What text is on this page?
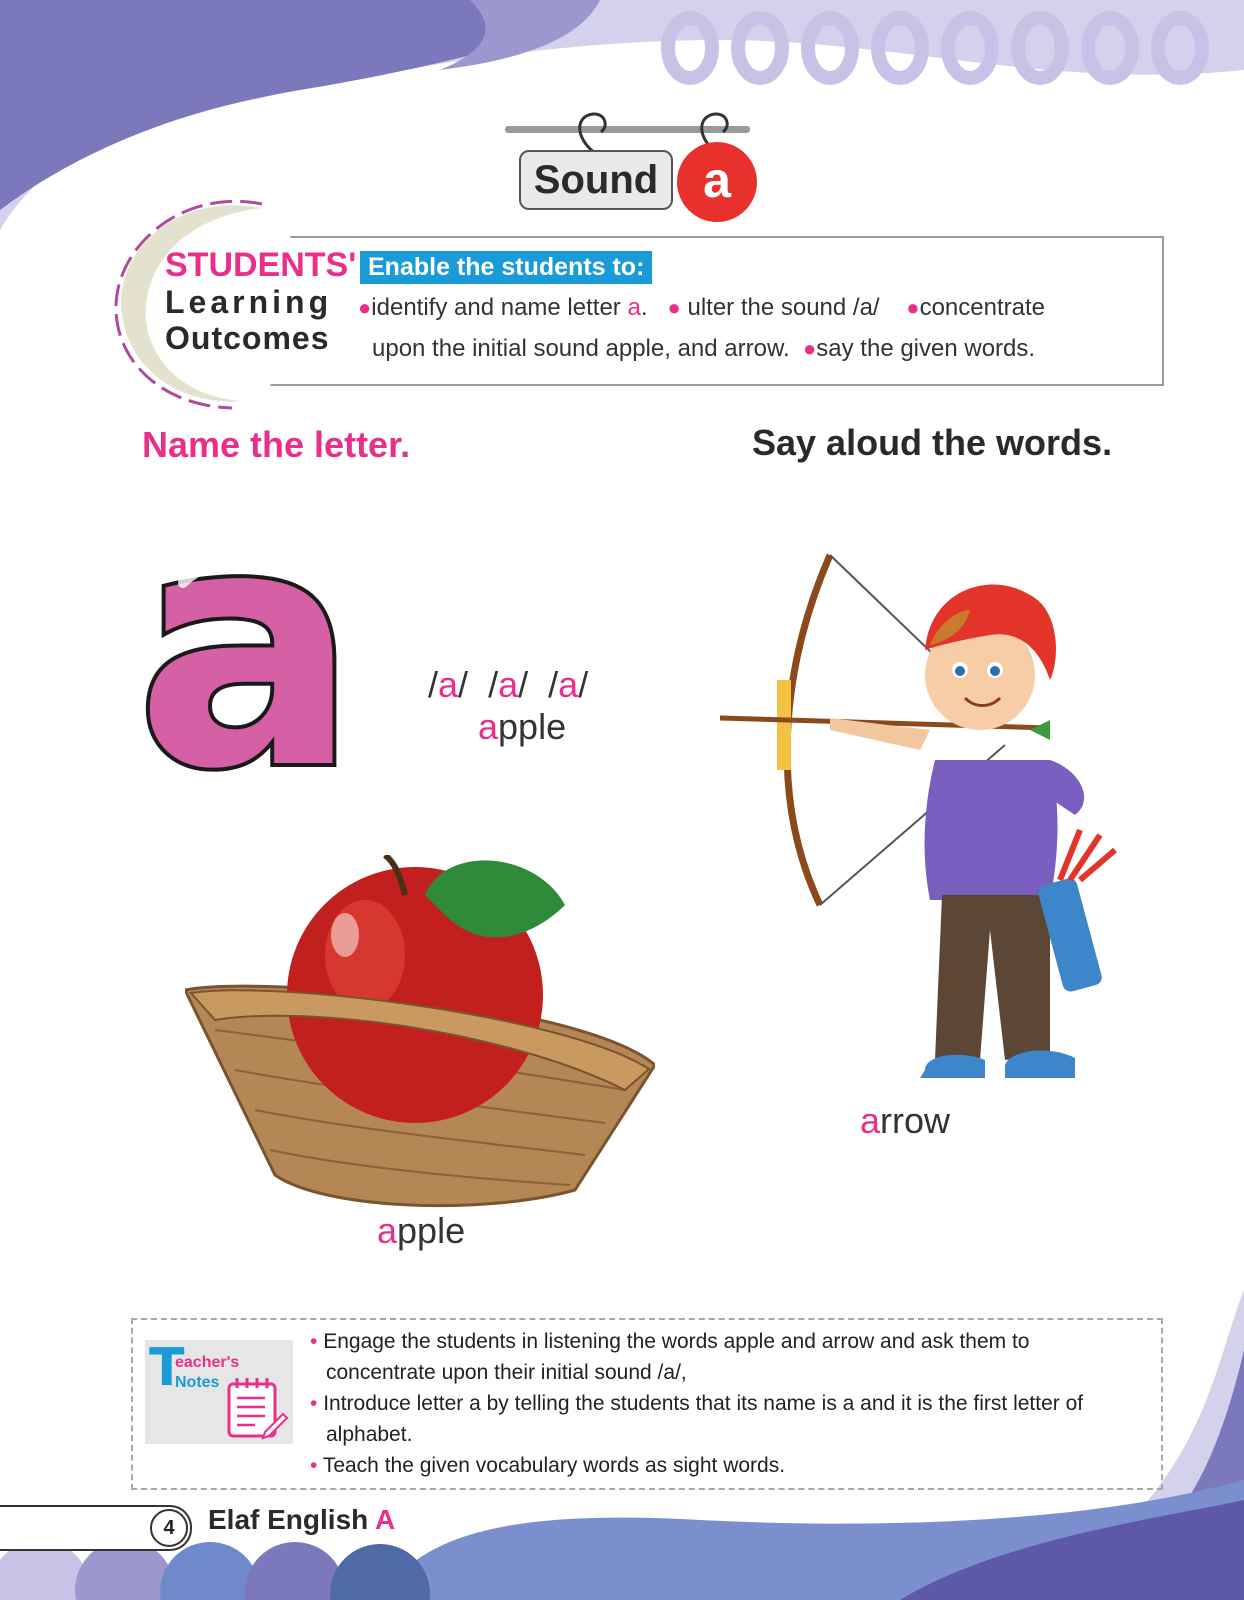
Sound a
STUDENTS'
Learning
Outcomes
Enable the students to:
●identify and name letter a. ● ulter the sound /a/ ●concentrate
upon the initial sound apple, and arrow. ●say the given words.
Name the letter.	Say aloud the words.
a /a/ /a/ /a/
apple
apple
arrow
T
eacher's
Notes
• Engage the students in listening the words apple and arrow and ask them to
concentrate upon their initial sound /a/,
• Introduce letter a by telling the students that its name is a and it is the first letter of
alphabet.
• Teach the given vocabulary words as sight words.
4	Elaf English A
